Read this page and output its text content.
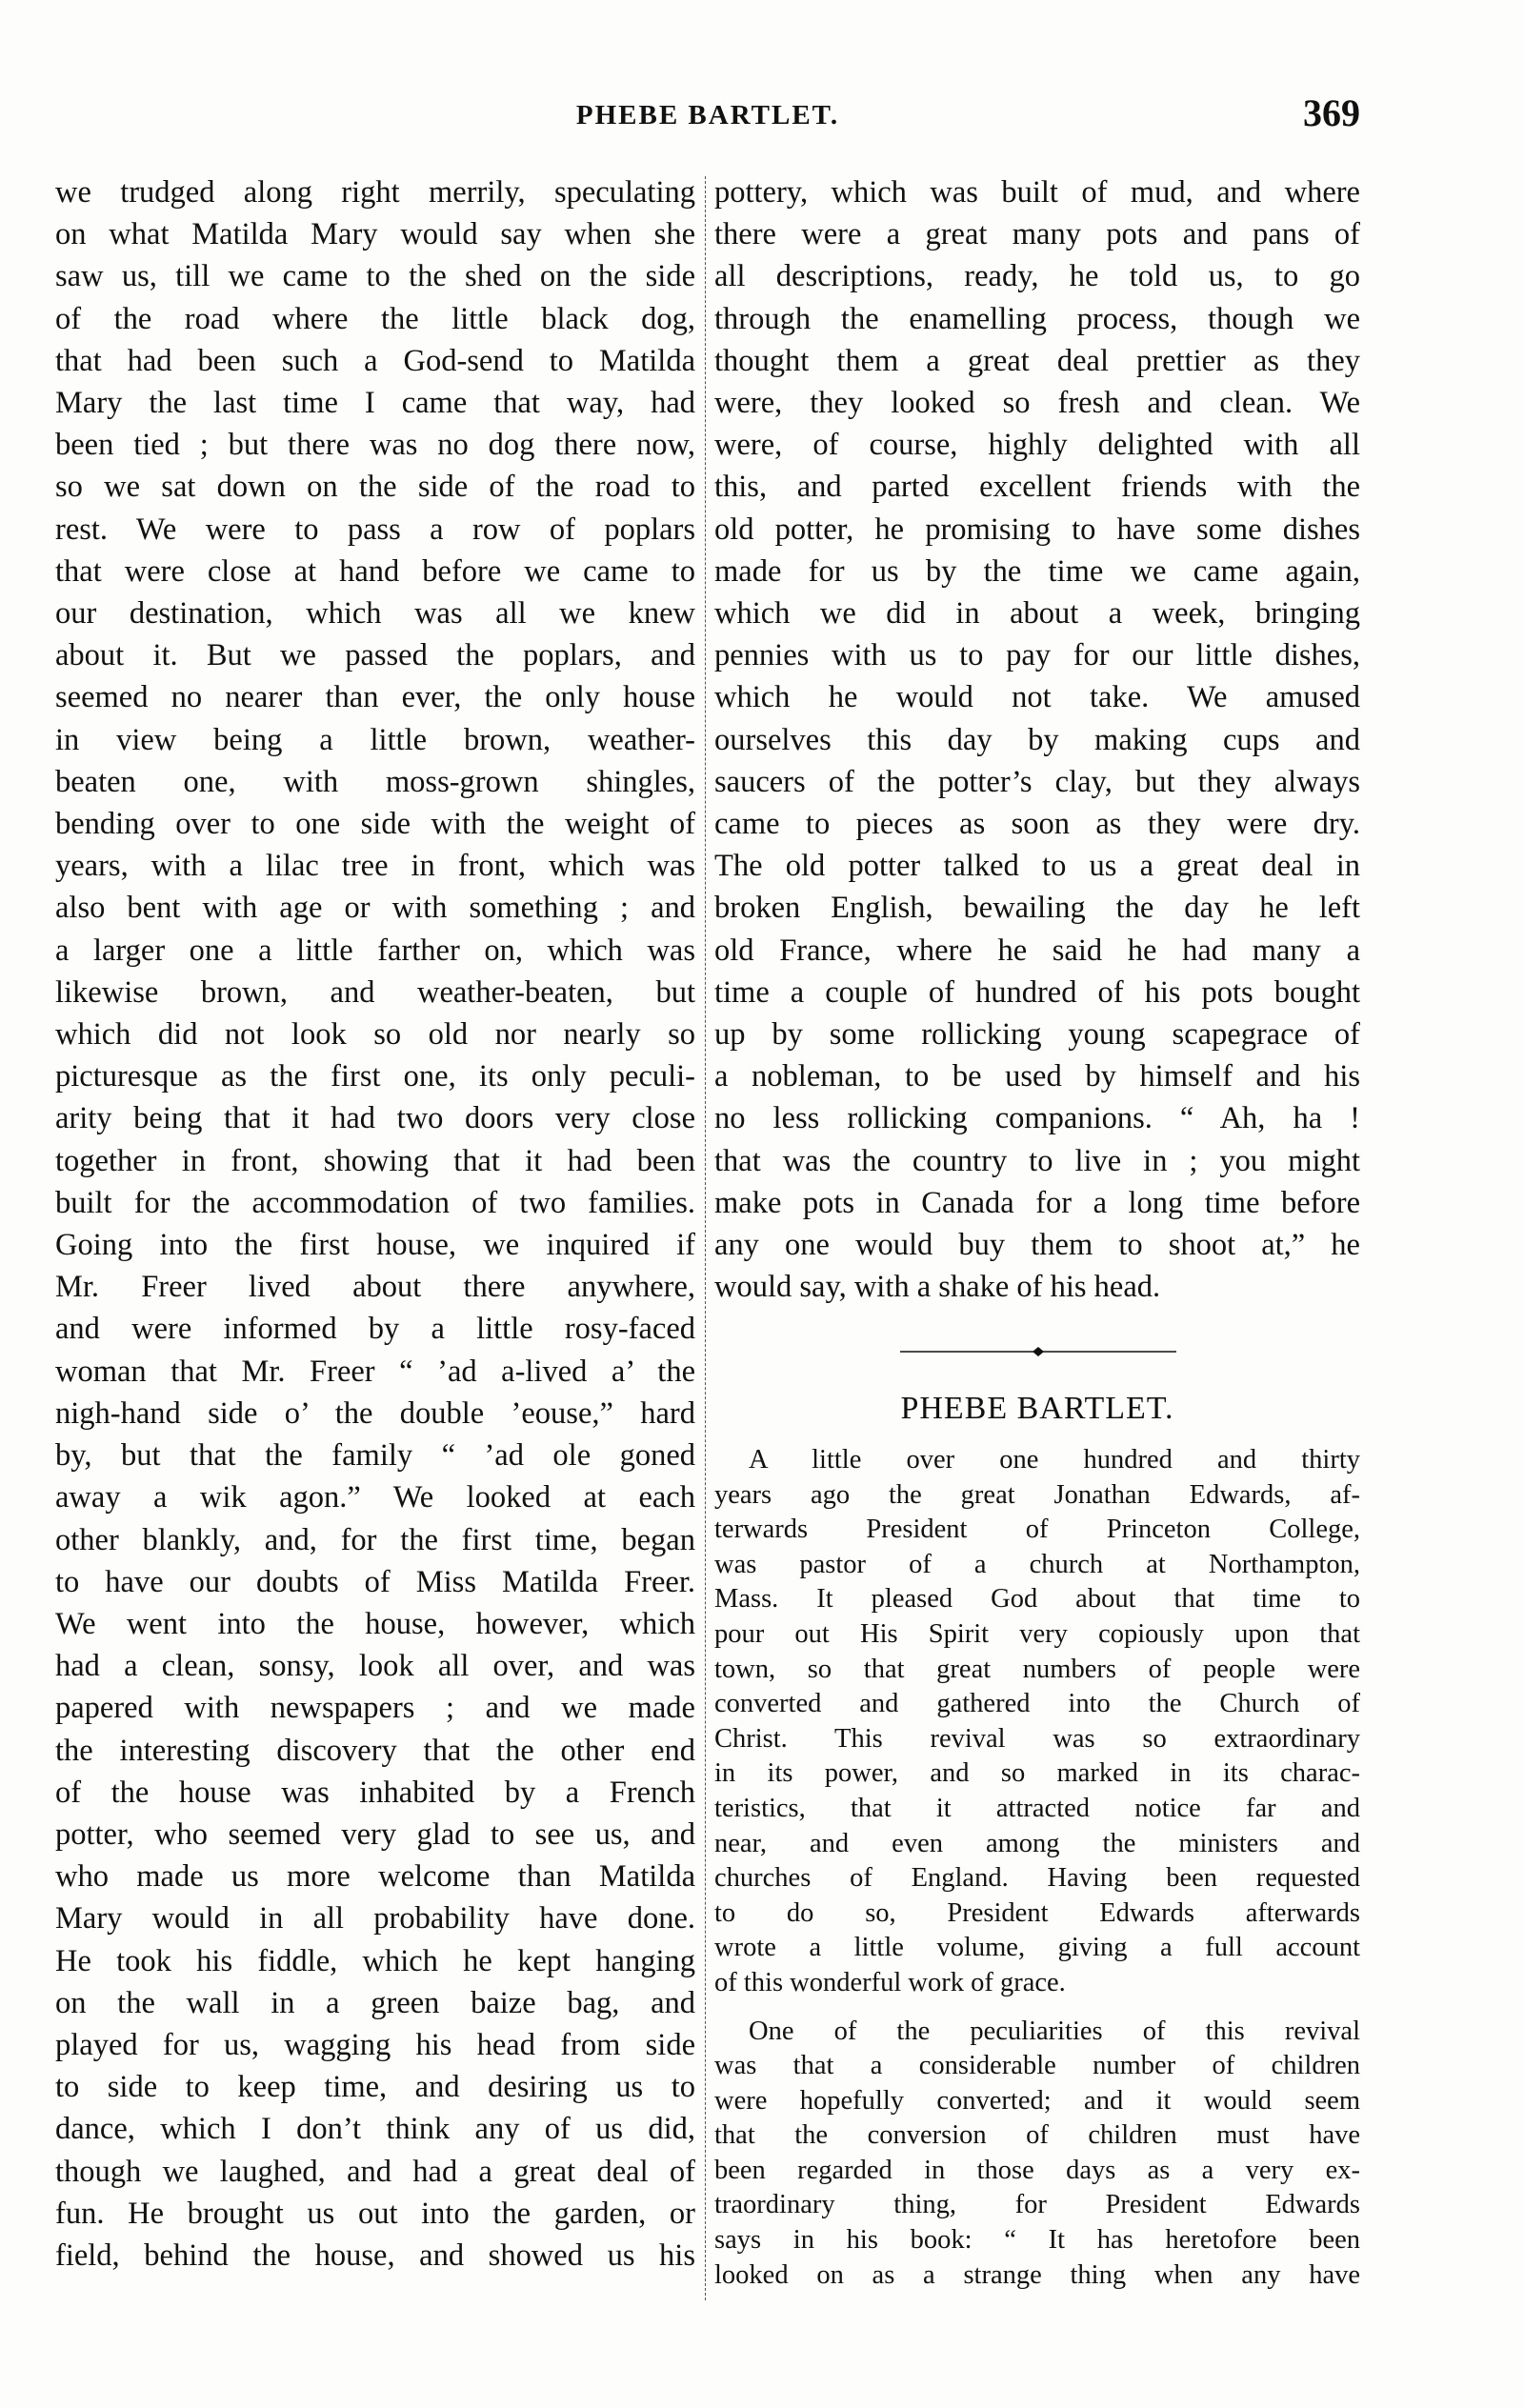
PHEBE BARTLET.	369
we trudged along right merrily, speculating
on what Matilda Mary would say when she
saw us, till we came to the shed on the side
of the road where the little black dog,
that had been such a God-send to Matilda
Mary the last time I came that way, had
been tied ; but there was no dog there now,
so we sat down on the side of the road to
rest. We were to pass a row of poplars
that were close at hand before we came to
our destination, which was all we knew
about it. But we passed the poplars, and
seemed no nearer than ever, the only house
in view being a little brown, weather-
beaten one, with moss-grown shingles,
bending over to one side with the weight of
years, with a lilac tree in front, which was
also bent with age or with something ; and
a larger one a little farther on, which was
likewise brown, and weather-beaten, but
which did not look so old nor nearly so
picturesque as the first one, its only peculi-
arity being that it had two doors very close
together in front, showing that it had been
built for the accommodation of two families.
Going into the first house, we inquired if
Mr. Freer lived about there anywhere,
and were informed by a little rosy-faced
woman that Mr. Freer “ ’ad a-lived a’ the
nigh-hand side o’ the double ’eouse,” hard
by, but that the family “ ’ad ole goned
away a wik agon.” We looked at each
other blankly, and, for the first time, began
to have our doubts of Miss Matilda Freer.
We went into the house, however, which
had a clean, sonsy, look all over, and was
papered with newspapers ; and we made
the interesting discovery that the other end
of the house was inhabited by a French
potter, who seemed very glad to see us, and
who made us more welcome than Matilda
Mary would in all probability have done.
He took his fiddle, which he kept hanging
on the wall in a green baize bag, and
played for us, wagging his head from side
to side to keep time, and desiring us to
dance, which I don’t think any of us did,
though we laughed, and had a great deal of
fun. He brought us out into the garden, or
field, behind the house, and showed us his
pottery, which was built of mud, and where
there were a great many pots and pans of
all descriptions, ready, he told us, to go
through the enamelling process, though we
thought them a great deal prettier as they
were, they looked so fresh and clean. We
were, of course, highly delighted with all
this, and parted excellent friends with the
old potter, he promising to have some dishes
made for us by the time we came again,
which we did in about a week, bringing
pennies with us to pay for our little dishes,
which he would not take. We amused
ourselves this day by making cups and
saucers of the potter’s clay, but they always
came to pieces as soon as they were dry.
The old potter talked to us a great deal in
broken English, bewailing the day he left
old France, where he said he had many a
time a couple of hundred of his pots bought
up by some rollicking young scapegrace of
a nobleman, to be used by himself and his
no less rollicking companions. “ Ah, ha !
that was the country to live in ; you might
make pots in Canada for a long time before
any one would buy them to shoot at,” he
would say, with a shake of his head.
PHEBE BARTLET.
A little over one hundred and thirty
years ago the great Jonathan Edwards, af-
terwards President of Princeton College,
was pastor of a church at Northampton,
Mass. It pleased God about that time to
pour out His Spirit very copiously upon that
town, so that great numbers of people were
converted and gathered into the Church of
Christ. This revival was so extraordinary
in its power, and so marked in its charac-
teristics, that it attracted notice far and
near, and even among the ministers and
churches of England. Having been requested
to do so, President Edwards afterwards
wrote a little volume, giving a full account
of this wonderful work of grace.
One of the peculiarities of this revival
was that a considerable number of children
were hopefully converted; and it would seem
that the conversion of children must have
been regarded in those days as a very ex-
traordinary thing, for President Edwards
says in his book: “ It has heretofore been
looked on as a strange thing when any have
